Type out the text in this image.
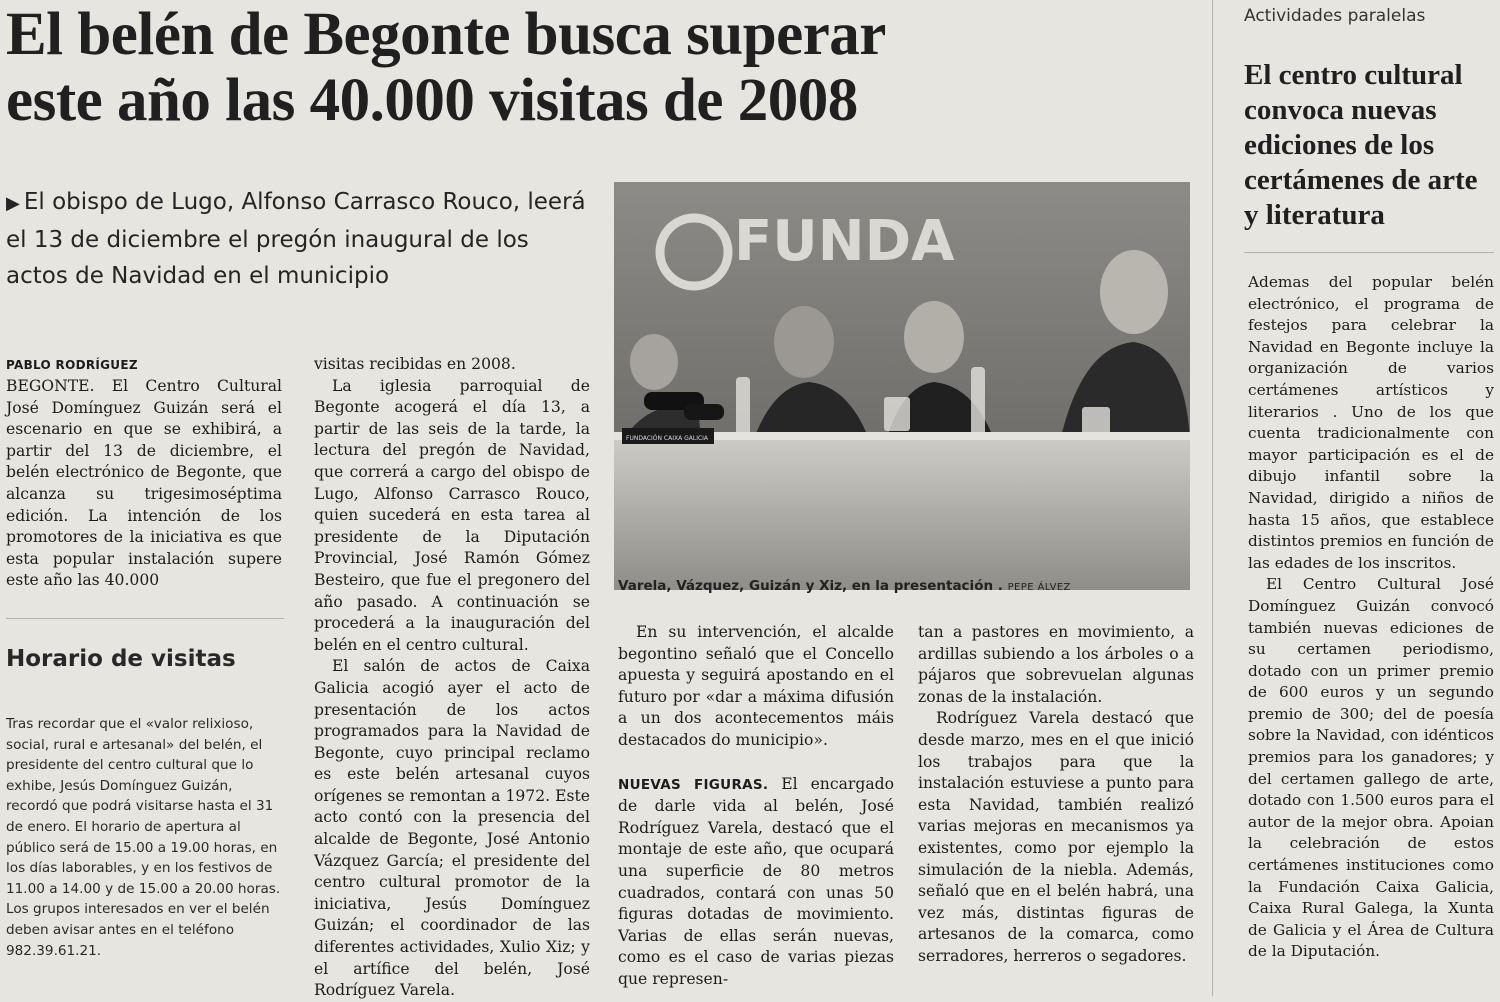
El belén de Begonte busca superar
este año las 40.000 visitas de 2008
▶ El obispo de Lugo, Alfonso Carrasco Rouco, leerá el 13 de diciembre el pregón inaugural de los actos de Navidad en el municipio
PABLO RODRÍGUEZ

BEGONTE. El Centro Cultural José Domínguez Guizán será el escenario en que se exhibirá, a partir del 13 de diciembre, el belén electrónico de Begonte, que alcanza su trigesimoséptima edición. La intención de los promotores de la iniciativa es que esta popular instalación supere este año las 40.000

Horario de visitas
Tras recordar que el «valor relixioso, social, rural e artesanal» del belén, el presidente del centro cultural que lo exhibe, Jesús Domínguez Guizán, recordó que podrá visitarse hasta el 31 de enero. El horario de apertura al público será de 15.00 a 19.00 horas, en los días laborables, y en los festivos de 11.00 a 14.00 y de 15.00 a 20.00 horas. Los grupos interesados en ver el belén deben avisar antes en el teléfono 982.39.61.21.

visitas recibidas en 2008.

La iglesia parroquial de Begonte acogerá el día 13, a partir de las seis de la tarde, la lectura del pregón de Navidad, que correrá a cargo del obispo de Lugo, Alfonso Carrasco Rouco, quien sucederá en esta tarea al presidente de la Diputación Provincial, José Ramón Gómez Besteiro, que fue el pregonero del año pasado. A continuación se procederá a la inauguración del belén en el centro cultural.

El salón de actos de Caixa Galicia acogió ayer el acto de presentación de los actos programados para la Navidad de Begonte, cuyo principal reclamo es este belén artesanal cuyos orígenes se remontan a 1972. Este acto contó con la presencia del alcalde de Begonte, José Antonio Vázquez García; el presidente del centro cultural promotor de la iniciativa, Jesús Domínguez Guizán; el coordinador de las diferentes actividades, Xulio Xiz; y el artífice del belén, José Rodríguez Varela.

FUNDA
FUNDACIÓN CAIXA GALICIA
Varela, Vázquez, Guizán y Xiz, en la presentación . PEPE ÁLVEZ

En su intervención, el alcalde begontino señaló que el Concello apuesta y seguirá apostando en el futuro por «dar a máxima difusión a un dos acontecementos máis destacados do municipio».

NUEVAS FIGURAS. El encargado de darle vida al belén, José Rodríguez Varela, destacó que el montaje de este año, que ocupará una superficie de 80 metros cuadrados, contará con unas 50 figuras dotadas de movimiento. Varias de ellas serán nuevas, como es el caso de varias piezas que represen-

tan a pastores en movimiento, a ardillas subiendo a los árboles o a pájaros que sobrevuelan algunas zonas de la instalación.

Rodríguez Varela destacó que desde marzo, mes en el que inició los trabajos para que la instalación estuviese a punto para esta Navidad, también realizó varias mejoras en mecanismos ya existentes, como por ejemplo la simulación de la niebla. Además, señaló que en el belén habrá, una vez más, distintas figuras de artesanos de la comarca, como serradores, herreros o segadores.

Actividades paralelas
El centro cultural convoca nuevas ediciones de los certámenes de arte y literatura

Ademas del popular belén electrónico, el programa de festejos para celebrar la Navidad en Begonte incluye la organización de varios certámenes artísticos y literarios . Uno de los que cuenta tradicionalmente con mayor participación es el de dibujo infantil sobre la Navidad, dirigido a niños de hasta 15 años, que establece distintos premios en función de las edades de los inscritos.

El Centro Cultural José Domínguez Guizán convocó también nuevas ediciones de su certamen periodismo, dotado con un primer premio de 600 euros y un segundo premio de 300; del de poesía sobre la Navidad, con idénticos premios para los ganadores; y del certamen gallego de arte, dotado con 1.500 euros para el autor de la mejor obra. Apoian la celebración de estos certámenes instituciones como la Fundación Caixa Galicia, Caixa Rural Galega, la Xunta de Galicia y el Área de Cultura de la Diputación.
